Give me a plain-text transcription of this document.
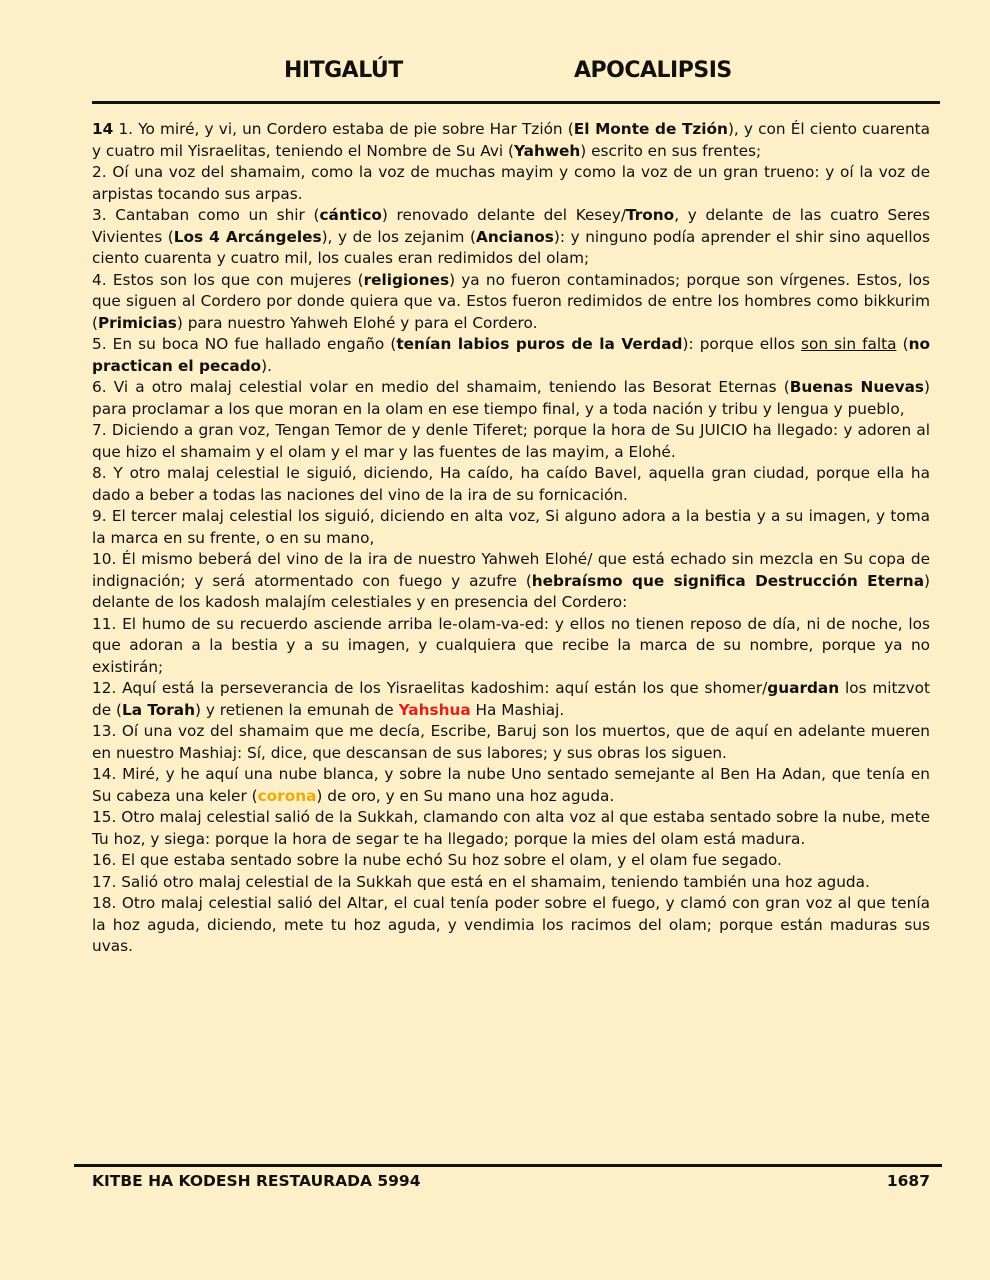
HITGALÚT	APOCALIPSIS

14 1. Yo miré, y vi, un Cordero estaba de pie sobre Har Tzión (El Monte de Tzión), y con Él ciento cuarenta y cuatro mil Yisraelitas, teniendo el Nombre de Su Avi (Yahweh) escrito en sus frentes;

2. Oí una voz del shamaim, como la voz de muchas mayim y como la voz de un gran trueno: y oí la voz de arpistas tocando sus arpas.

3. Cantaban como un shir (cántico) renovado delante del Kesey/Trono, y delante de las cuatro Seres Vivientes (Los 4 Arcángeles), y de los zejanim (Ancianos): y ninguno podía aprender el shir sino aquellos ciento cuarenta y cuatro mil, los cuales eran redimidos del olam;

4. Estos son los que con mujeres (religiones) ya no fueron contaminados; porque son vírgenes. Estos, los que siguen al Cordero por donde quiera que va. Estos fueron redimidos de entre los hombres como bikkurim (Primicias) para nuestro Yahweh Elohé y para el Cordero.

5. En su boca NO fue hallado engaño (tenían labios puros de la Verdad): porque ellos son sin falta (no practican el pecado).

6. Vi a otro malaj celestial volar en medio del shamaim, teniendo las Besorat Eternas (Buenas Nuevas) para proclamar a los que moran en la olam en ese tiempo final, y a toda nación y tribu y lengua y pueblo,

7. Diciendo a gran voz, Tengan Temor de y denle Tiferet; porque la hora de Su JUICIO ha llegado: y adoren al que hizo el shamaim y el olam y el mar y las fuentes de las mayim, a Elohé.

8. Y otro malaj celestial le siguió, diciendo, Ha caído, ha caído Bavel, aquella gran ciudad, porque ella ha dado a beber a todas las naciones del vino de la ira de su fornicación.

9. El tercer malaj celestial los siguió, diciendo en alta voz, Si alguno adora a la bestia y a su imagen, y toma la marca en su frente, o en su mano,

10. Él mismo beberá del vino de la ira de nuestro Yahweh Elohé/ que está echado sin mezcla en Su copa de indignación; y será atormentado con fuego y azufre (hebraísmo que significa Destrucción Eterna) delante de los kadosh malajím celestiales y en presencia del Cordero:

11. El humo de su recuerdo asciende arriba le-olam-va-ed: y ellos no tienen reposo de día, ni de noche, los que adoran a la bestia y a su imagen, y cualquiera que recibe la marca de su nombre, porque ya no existirán;

12. Aquí está la perseverancia de los Yisraelitas kadoshim: aquí están los que shomer/guardan los mitzvot de (La Torah) y retienen la emunah de Yahshua Ha Mashiaj.

13. Oí una voz del shamaim que me decía, Escribe, Baruj son los muertos, que de aquí en adelante mueren en nuestro Mashiaj: Sí, dice, que descansan de sus labores; y sus obras los siguen.

14. Miré, y he aquí una nube blanca, y sobre la nube Uno sentado semejante al Ben Ha Adan, que tenía en Su cabeza una keler (corona) de oro, y en Su mano una hoz aguda.

15. Otro malaj celestial salió de la Sukkah, clamando con alta voz al que estaba sentado sobre la nube, mete Tu hoz, y siega: porque la hora de segar te ha llegado; porque la mies del olam está madura.

16. El que estaba sentado sobre la nube echó Su hoz sobre el olam, y el olam fue segado.

17. Salió otro malaj celestial de la Sukkah que está en el shamaim, teniendo también una hoz aguda.

18. Otro malaj celestial salió del Altar, el cual tenía poder sobre el fuego, y clamó con gran voz al que tenía la hoz aguda, diciendo, mete tu hoz aguda, y vendimia los racimos del olam; porque están maduras sus uvas.

KITBE HA KODESH RESTAURADA 5994	1687
